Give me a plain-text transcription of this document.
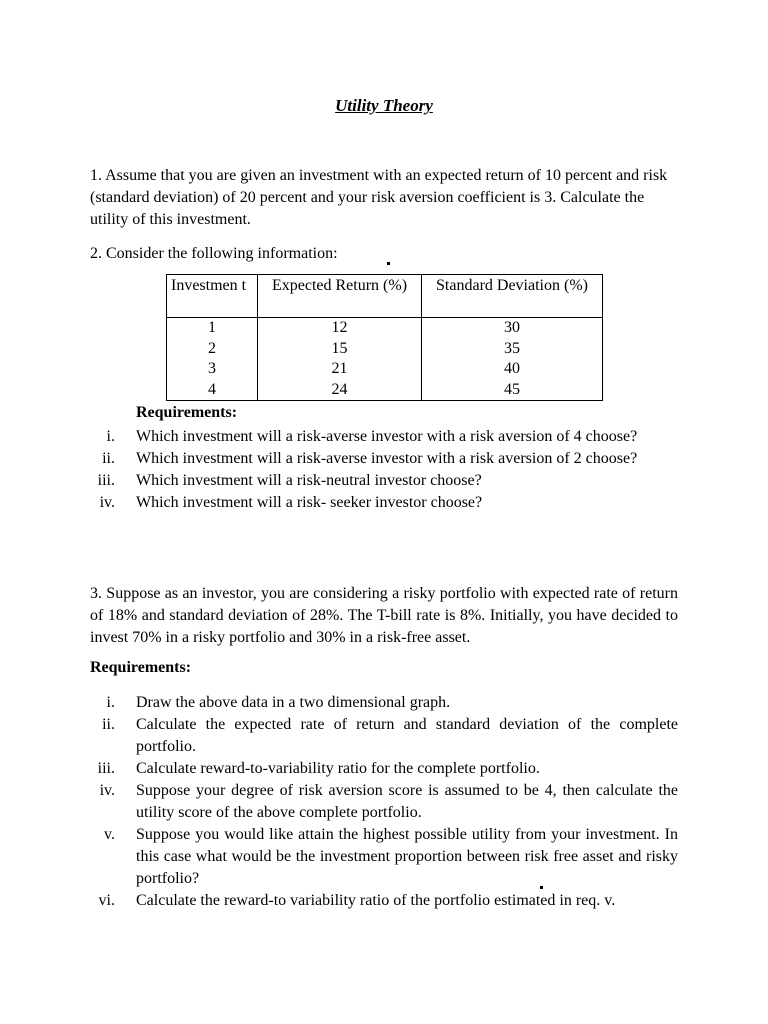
Utility Theory

1. Assume that you are given an investment with an expected return of 10 percent and risk (standard deviation) of 20 percent and your risk aversion coefficient is 3. Calculate the utility of this investment.

2. Consider the following information:

Investmen t	Expected Return (%)	Standard Deviation (%)
1	12	30
2	15	35
3	21	40
4	24	45
Requirements:
i. Which investment will a risk-averse investor with a risk aversion of 4 choose?
ii. Which investment will a risk-averse investor with a risk aversion of 2 choose?
iii. Which investment will a risk-neutral investor choose?
iv. Which investment will a risk- seeker investor choose?

3. Suppose as an investor, you are considering a risky portfolio with expected rate of return of 18% and standard deviation of 28%. The T-bill rate is 8%. Initially, you have decided to invest 70% in a risky portfolio and 30% in a risk-free asset.

Requirements:
i. Draw the above data in a two dimensional graph.
ii. Calculate the expected rate of return and standard deviation of the complete portfolio.
iii. Calculate reward-to-variability ratio for the complete portfolio.
iv. Suppose your degree of risk aversion score is assumed to be 4, then calculate the utility score of the above complete portfolio.
v. Suppose you would like attain the highest possible utility from your investment. In this case what would be the investment proportion between risk free asset and risky portfolio?
vi. Calculate the reward-to variability ratio of the portfolio estimated in req. v.
